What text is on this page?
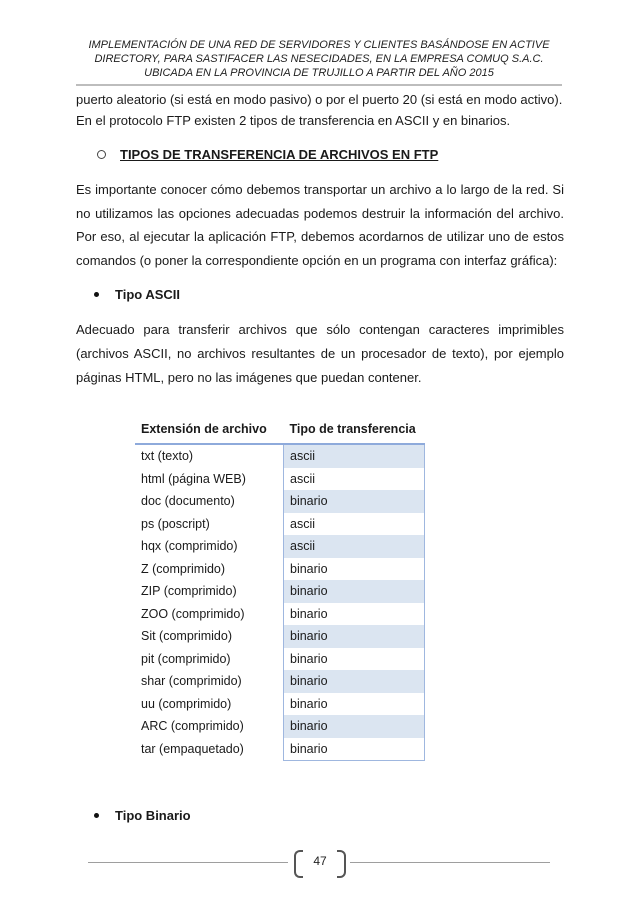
IMPLEMENTACIÓN DE UNA RED DE SERVIDORES Y CLIENTES BASÁNDOSE EN ACTIVE
DIRECTORY, PARA SASTIFACER LAS NESECIDADES, EN LA EMPRESA COMUQ S.A.C.
UBICADA EN LA PROVINCIA DE TRUJILLO A PARTIR DEL AÑO 2015

puerto aleatorio (si está en modo pasivo) o por el puerto 20 (si está en modo activo).

En el protocolo FTP existen 2 tipos de transferencia en ASCII y en binarios.

TIPOS DE TRANSFERENCIA DE ARCHIVOS EN FTP

Es importante conocer cómo debemos transportar un archivo a lo largo de la red. Si no utilizamos las opciones adecuadas podemos destruir la información del archivo. Por eso, al ejecutar la aplicación FTP, debemos acordarnos de utilizar uno de estos comandos (o poner la correspondiente opción en un programa con interfaz gráfica):

Tipo ASCII

Adecuado para transferir archivos que sólo contengan caracteres imprimibles (archivos ASCII, no archivos resultantes de un procesador de texto), por ejemplo páginas HTML, pero no las imágenes que puedan contener.

Extensión de archivo	Tipo de transferencia
txt (texto)	ascii
html (página WEB)	ascii
doc (documento)	binario
ps (poscript)	ascii
hqx (comprimido)	ascii
Z (comprimido)	binario
ZIP (comprimido)	binario
ZOO (comprimido)	binario
Sit (comprimido)	binario
pit (comprimido)	binario
shar (comprimido)	binario
uu (comprimido)	binario
ARC (comprimido)	binario
tar (empaquetado)	binario
Tipo Binario
47
